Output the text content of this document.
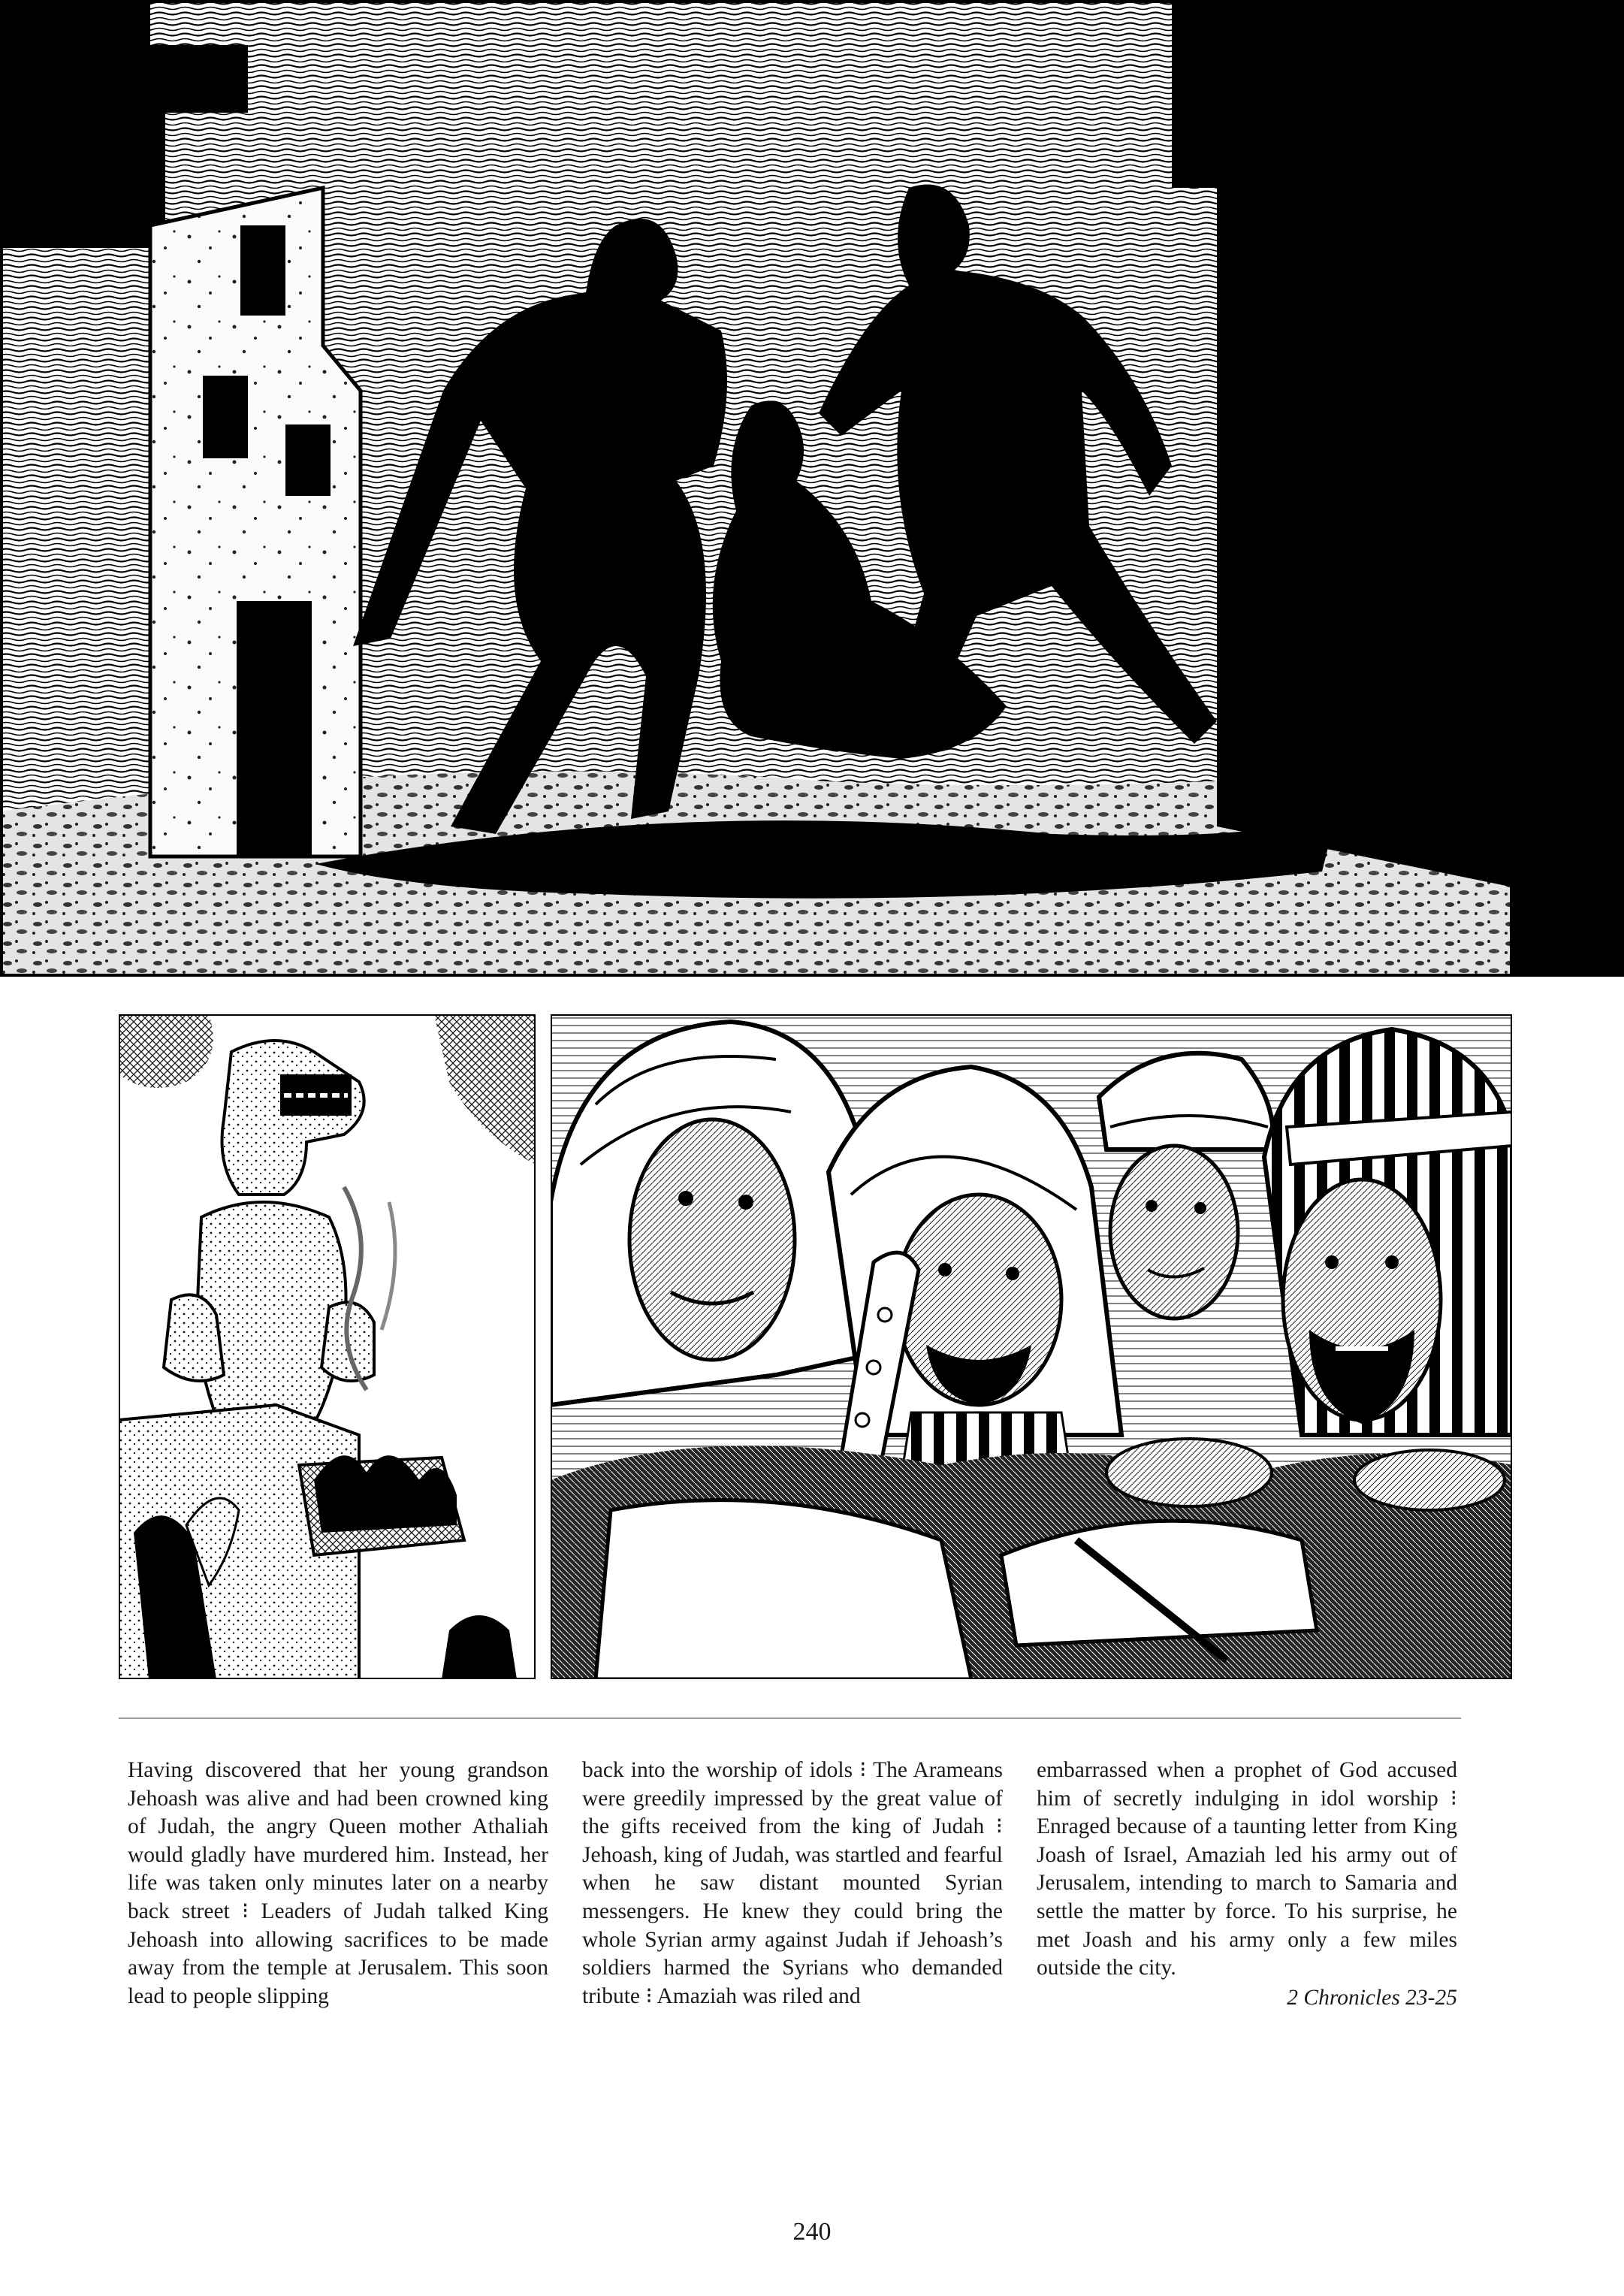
Having discovered that her young grandson Jehoash was alive and had been crowned king of Judah, the angry Queen mother Athaliah would gladly have murdered him. Instead, her life was taken only minutes later on a nearby back street ⁝ Leaders of Judah talked King Jehoash into allowing sacrifices to be made away from the temple at Jerusalem. This soon lead to people slipping
back into the worship of idols ⁝ The Arameans were greedily impressed by the great value of the gifts received from the king of Judah ⁝ Jehoash, king of Judah, was startled and fearful when he saw distant mounted Syrian messengers. He knew they could bring the whole Syrian army against Judah if Jehoash’s soldiers harmed the Syrians who demanded tribute ⁝ Amaziah was riled and
embarrassed when a prophet of God accused him of secretly indulging in idol worship ⁝ Enraged because of a taunting letter from King Joash of Israel, Amaziah led his army out of Jerusalem, intending to march to Samaria and settle the matter by force. To his surprise, he met Joash and his army only a few miles outside the city.
2 Chronicles 23-25
240
